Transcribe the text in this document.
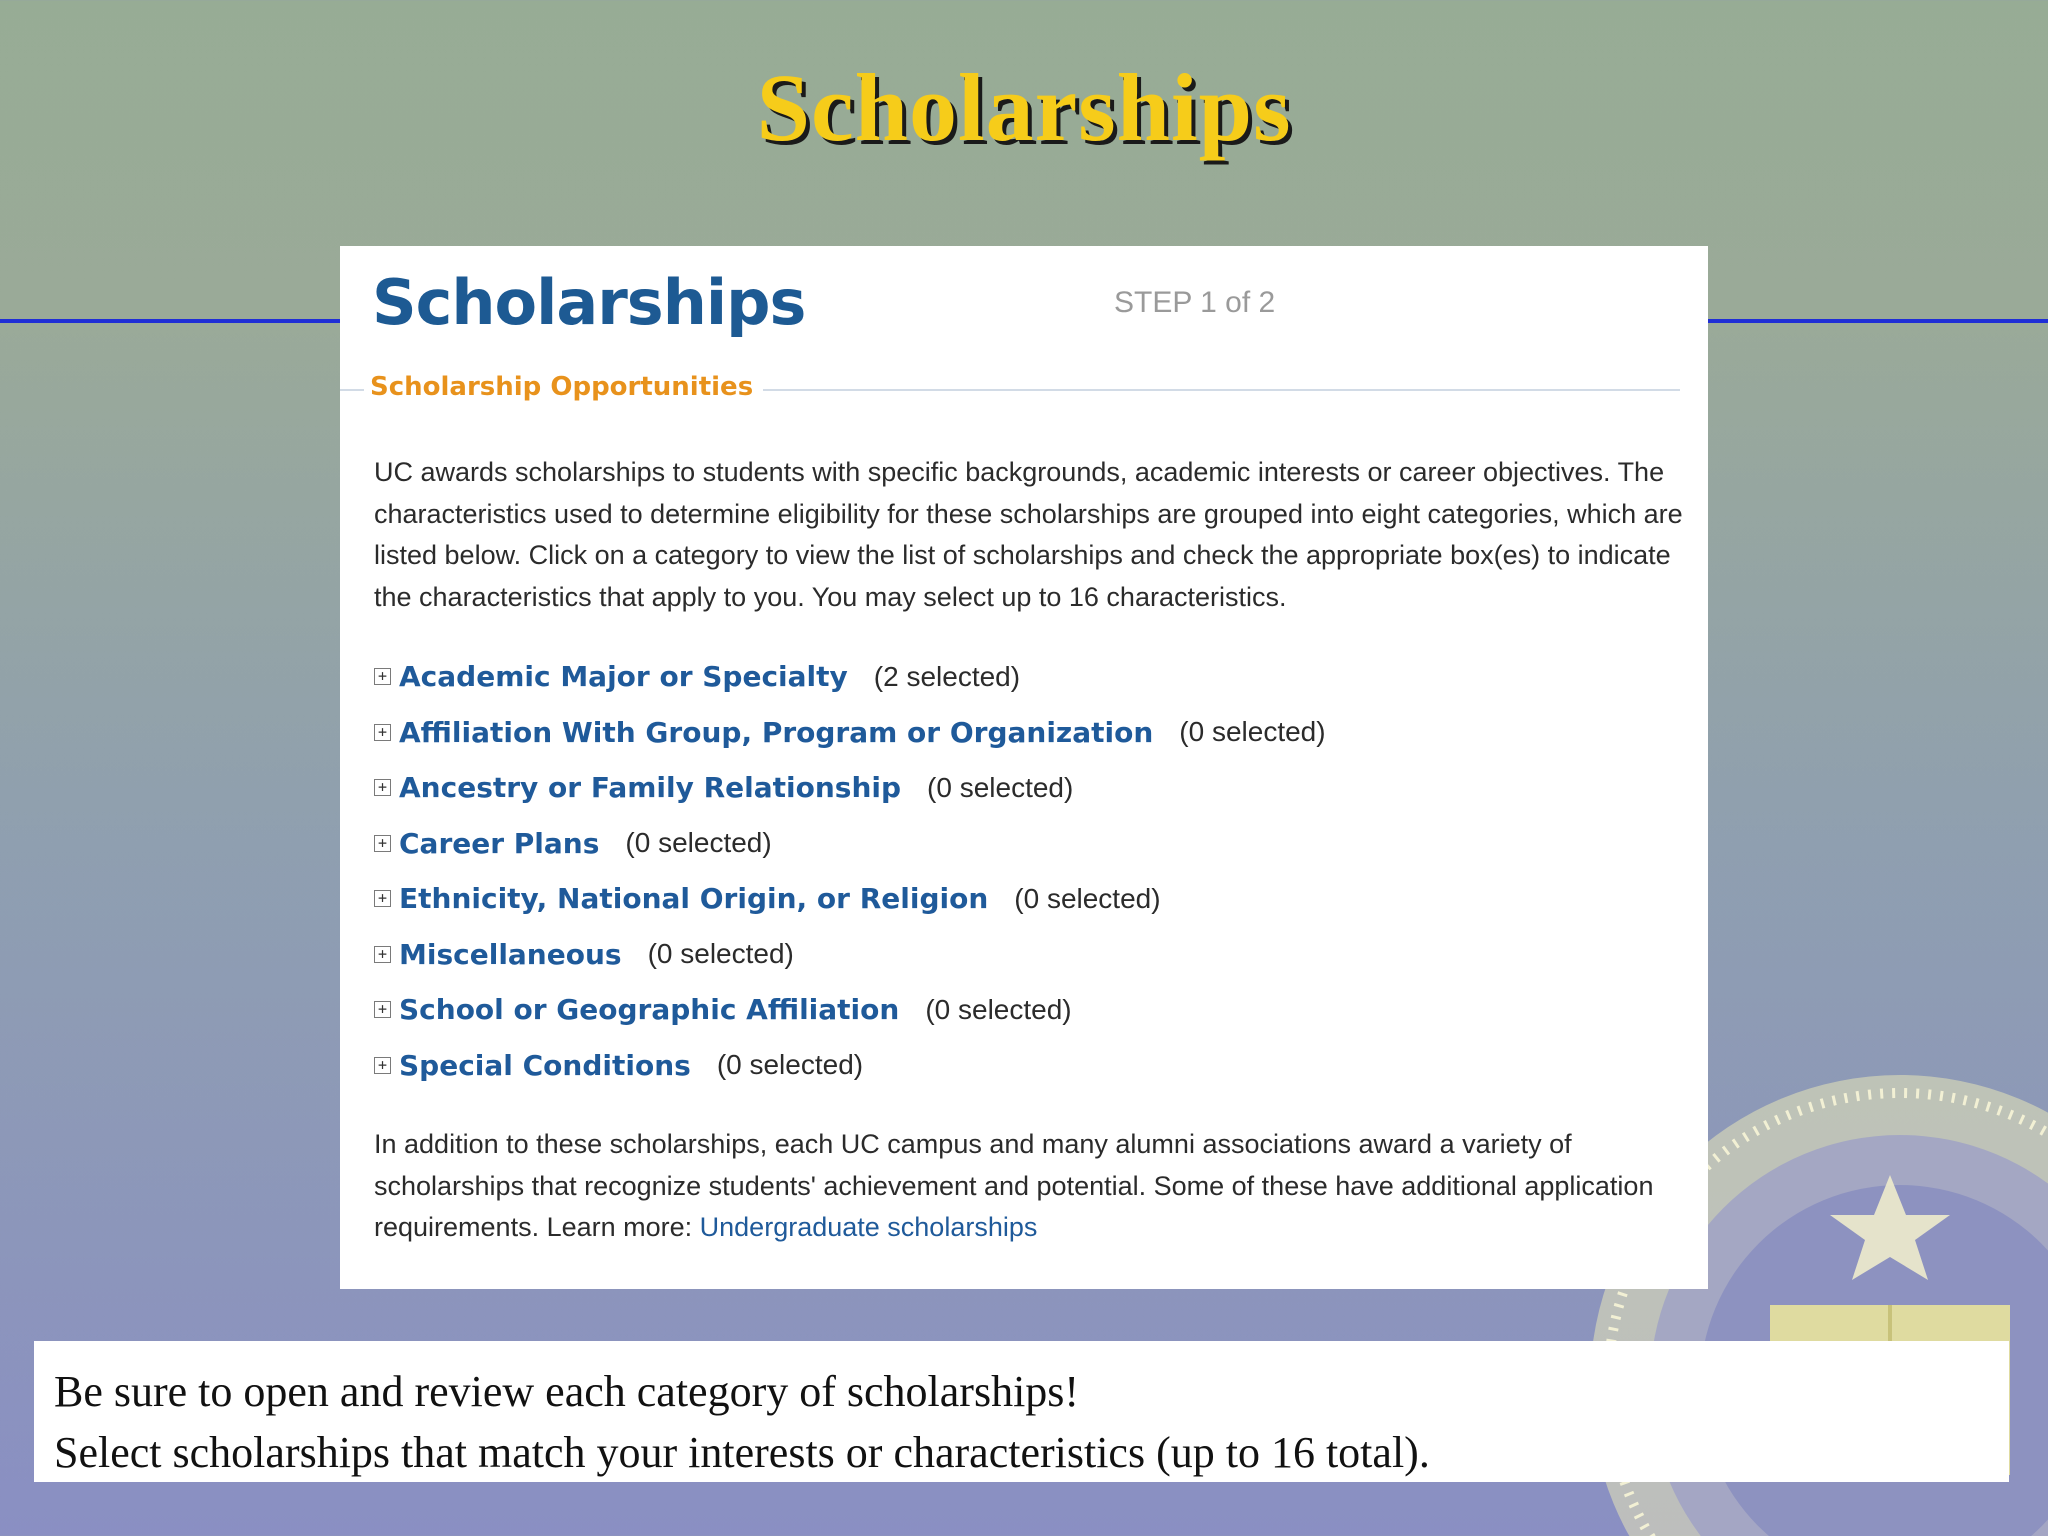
Scholarships
Scholarships	STEP 1 of 2
Scholarship Opportunities
UC awards scholarships to students with specific backgrounds, academic interests or career objectives. The characteristics used to determine eligibility for these scholarships are grouped into eight categories, which are listed below. Click on a category to view the list of scholarships and check the appropriate box(es) to indicate the characteristics that apply to you. You may select up to 16 characteristics.
+ Academic Major or Specialty (2 selected)
+ Affiliation With Group, Program or Organization (0 selected)
+ Ancestry or Family Relationship (0 selected)
+ Career Plans (0 selected)
+ Ethnicity, National Origin, or Religion (0 selected)
+ Miscellaneous (0 selected)
+ School or Geographic Affiliation (0 selected)
+ Special Conditions (0 selected)
In addition to these scholarships, each UC campus and many alumni associations award a variety of scholarships that recognize students' achievement and potential. Some of these have additional application requirements. Learn more: Undergraduate scholarships
Be sure to open and review each category of scholarships!
Select scholarships that match your interests or characteristics (up to 16 total).
